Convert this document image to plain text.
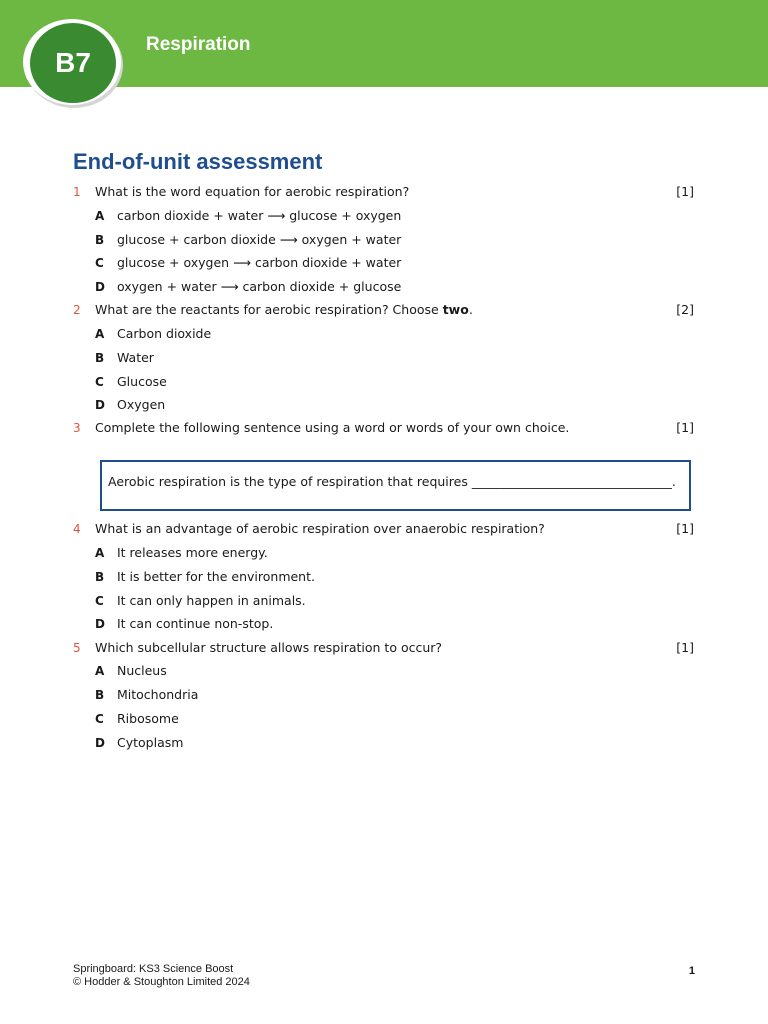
B7
Respiration
End-of-unit assessment
1 What is the word equation for aerobic respiration?	[1]
A carbon dioxide + water ⟶ glucose + oxygen
B glucose + carbon dioxide ⟶ oxygen + water
C glucose + oxygen ⟶ carbon dioxide + water
D oxygen + water ⟶ carbon dioxide + glucose
2 What are the reactants for aerobic respiration? Choose two.	[2]
A Carbon dioxide
B Water
C Glucose
D Oxygen
3 Complete the following sentence using a word or words of your own choice.	[1]
Aerobic respiration is the type of respiration that requires ________________________________.
4 What is an advantage of aerobic respiration over anaerobic respiration?	[1]
A It releases more energy.
B It is better for the environment.
C It can only happen in animals.
D It can continue non-stop.
5 Which subcellular structure allows respiration to occur?	[1]
A Nucleus
B Mitochondria
C Ribosome
D Cytoplasm
Springboard: KS3 Science Boost
© Hodder & Stoughton Limited 2024
1
